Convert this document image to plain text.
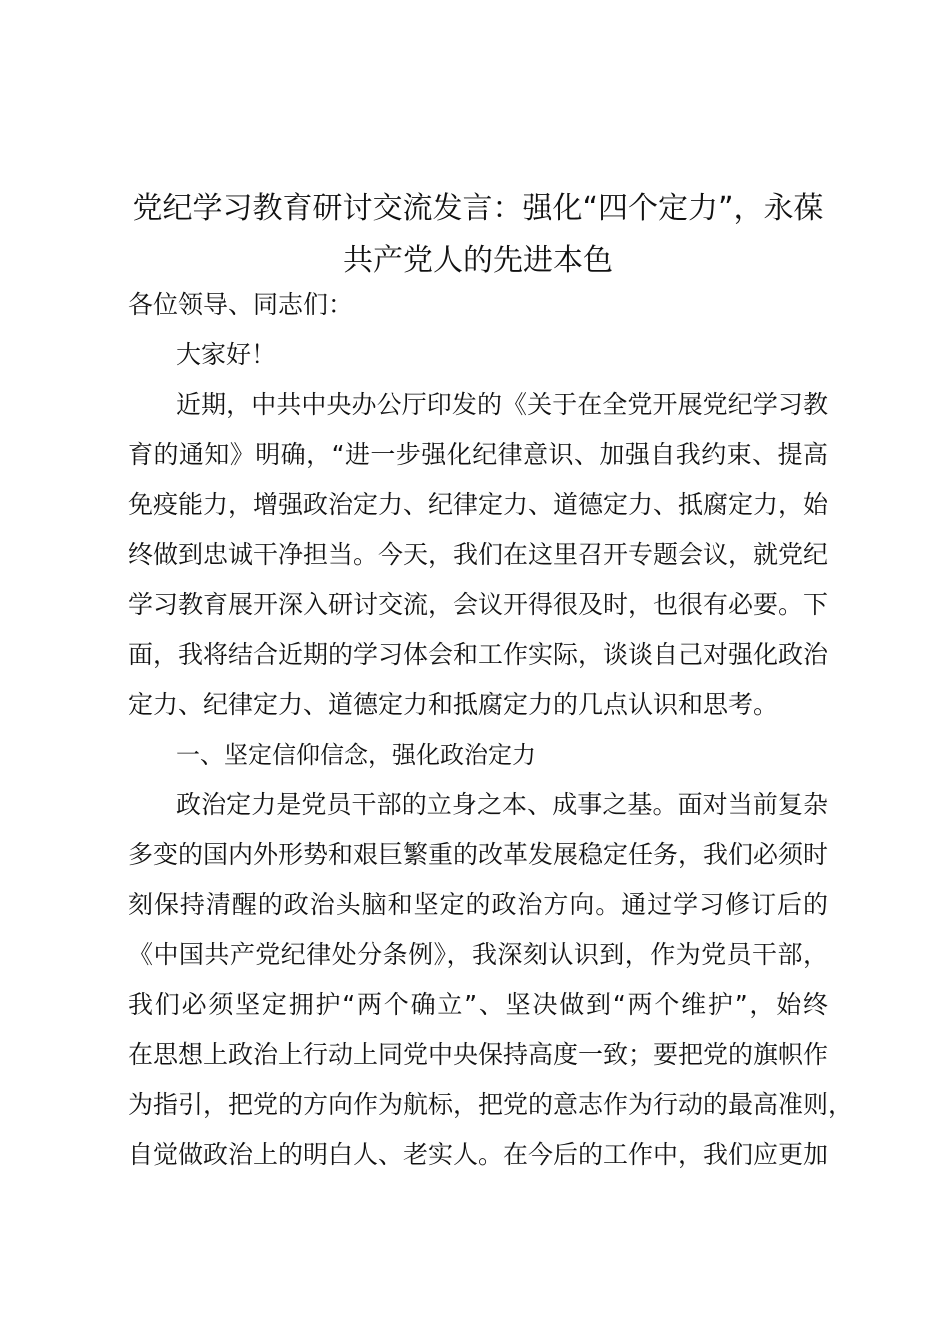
党纪学习教育研讨交流发言：强化“四个定力”，永葆
共产党人的先进本色
各位领导、同志们：
大家好！
近期，中共中央办公厅印发的《关于在全党开展党纪学习教
育的通知》明确，“进一步强化纪律意识、加强自我约束、提高
免疫能力，增强政治定力、纪律定力、道德定力、抵腐定力，始
终做到忠诚干净担当。今天，我们在这里召开专题会议，就党纪
学习教育展开深入研讨交流，会议开得很及时，也很有必要。下
面，我将结合近期的学习体会和工作实际，谈谈自己对强化政治
定力、纪律定力、道德定力和抵腐定力的几点认识和思考。
一、坚定信仰信念，强化政治定力
政治定力是党员干部的立身之本、成事之基。面对当前复杂
多变的国内外形势和艰巨繁重的改革发展稳定任务，我们必须时
刻保持清醒的政治头脑和坚定的政治方向。通过学习修订后的
《中国共产党纪律处分条例》，我深刻认识到，作为党员干部，
我们必须坚定拥护“两个确立”、坚决做到“两个维护”，始终
在思想上政治上行动上同党中央保持高度一致；要把党的旗帜作
为指引，把党的方向作为航标，把党的意志作为行动的最高准则，
自觉做政治上的明白人、老实人。在今后的工作中，我们应更加
